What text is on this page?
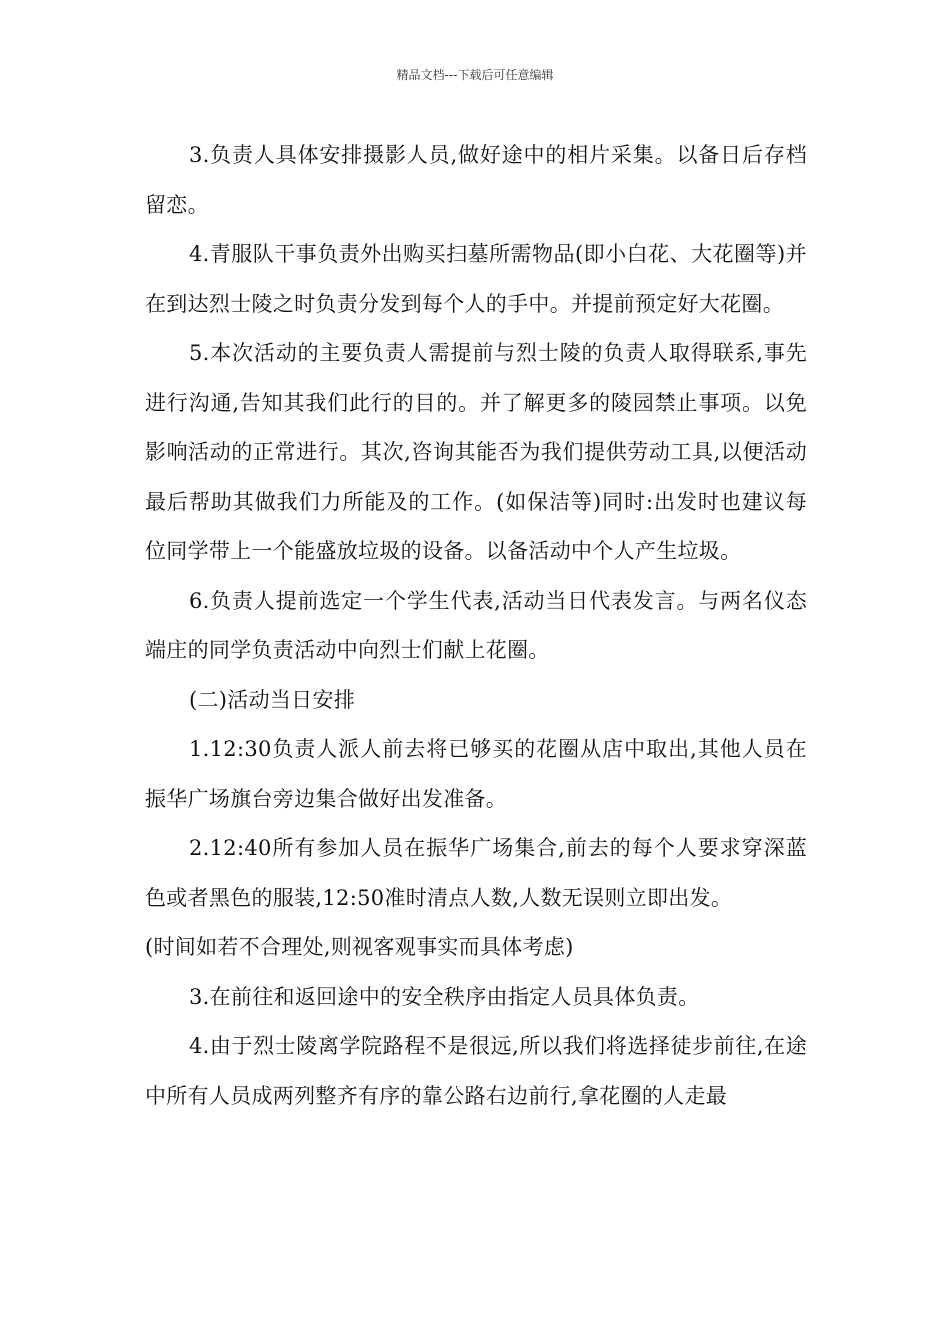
精品文档---下载后可任意编辑

3.负责人具体安排摄影人员,做好途中的相片采集。以备日后存档留恋。

4.青服队干事负责外出购买扫墓所需物品(即小白花、大花圈等)并在到达烈士陵之时负责分发到每个人的手中。并提前预定好大花圈。

5.本次活动的主要负责人需提前与烈士陵的负责人取得联系,事先进行沟通,告知其我们此行的目的。并了解更多的陵园禁止事项。以免影响活动的正常进行。其次,咨询其能否为我们提供劳动工具,以便活动最后帮助其做我们力所能及的工作。(如保洁等)同时:出发时也建议每位同学带上一个能盛放垃圾的设备。以备活动中个人产生垃圾。

6.负责人提前选定一个学生代表,活动当日代表发言。与两名仪态端庄的同学负责活动中向烈士们献上花圈。

(二)活动当日安排

1.12:30负责人派人前去将已够买的花圈从店中取出,其他人员在振华广场旗台旁边集合做好出发准备。

2.12:40所有参加人员在振华广场集合,前去的每个人要求穿深蓝色或者黑色的服装,12:50准时清点人数,人数无误则立即出发。

(时间如若不合理处,则视客观事实而具体考虑)

3.在前往和返回途中的安全秩序由指定人员具体负责。

4.由于烈士陵离学院路程不是很远,所以我们将选择徒步前往,在途中所有人员成两列整齐有序的靠公路右边前行,拿花圈的人走最
